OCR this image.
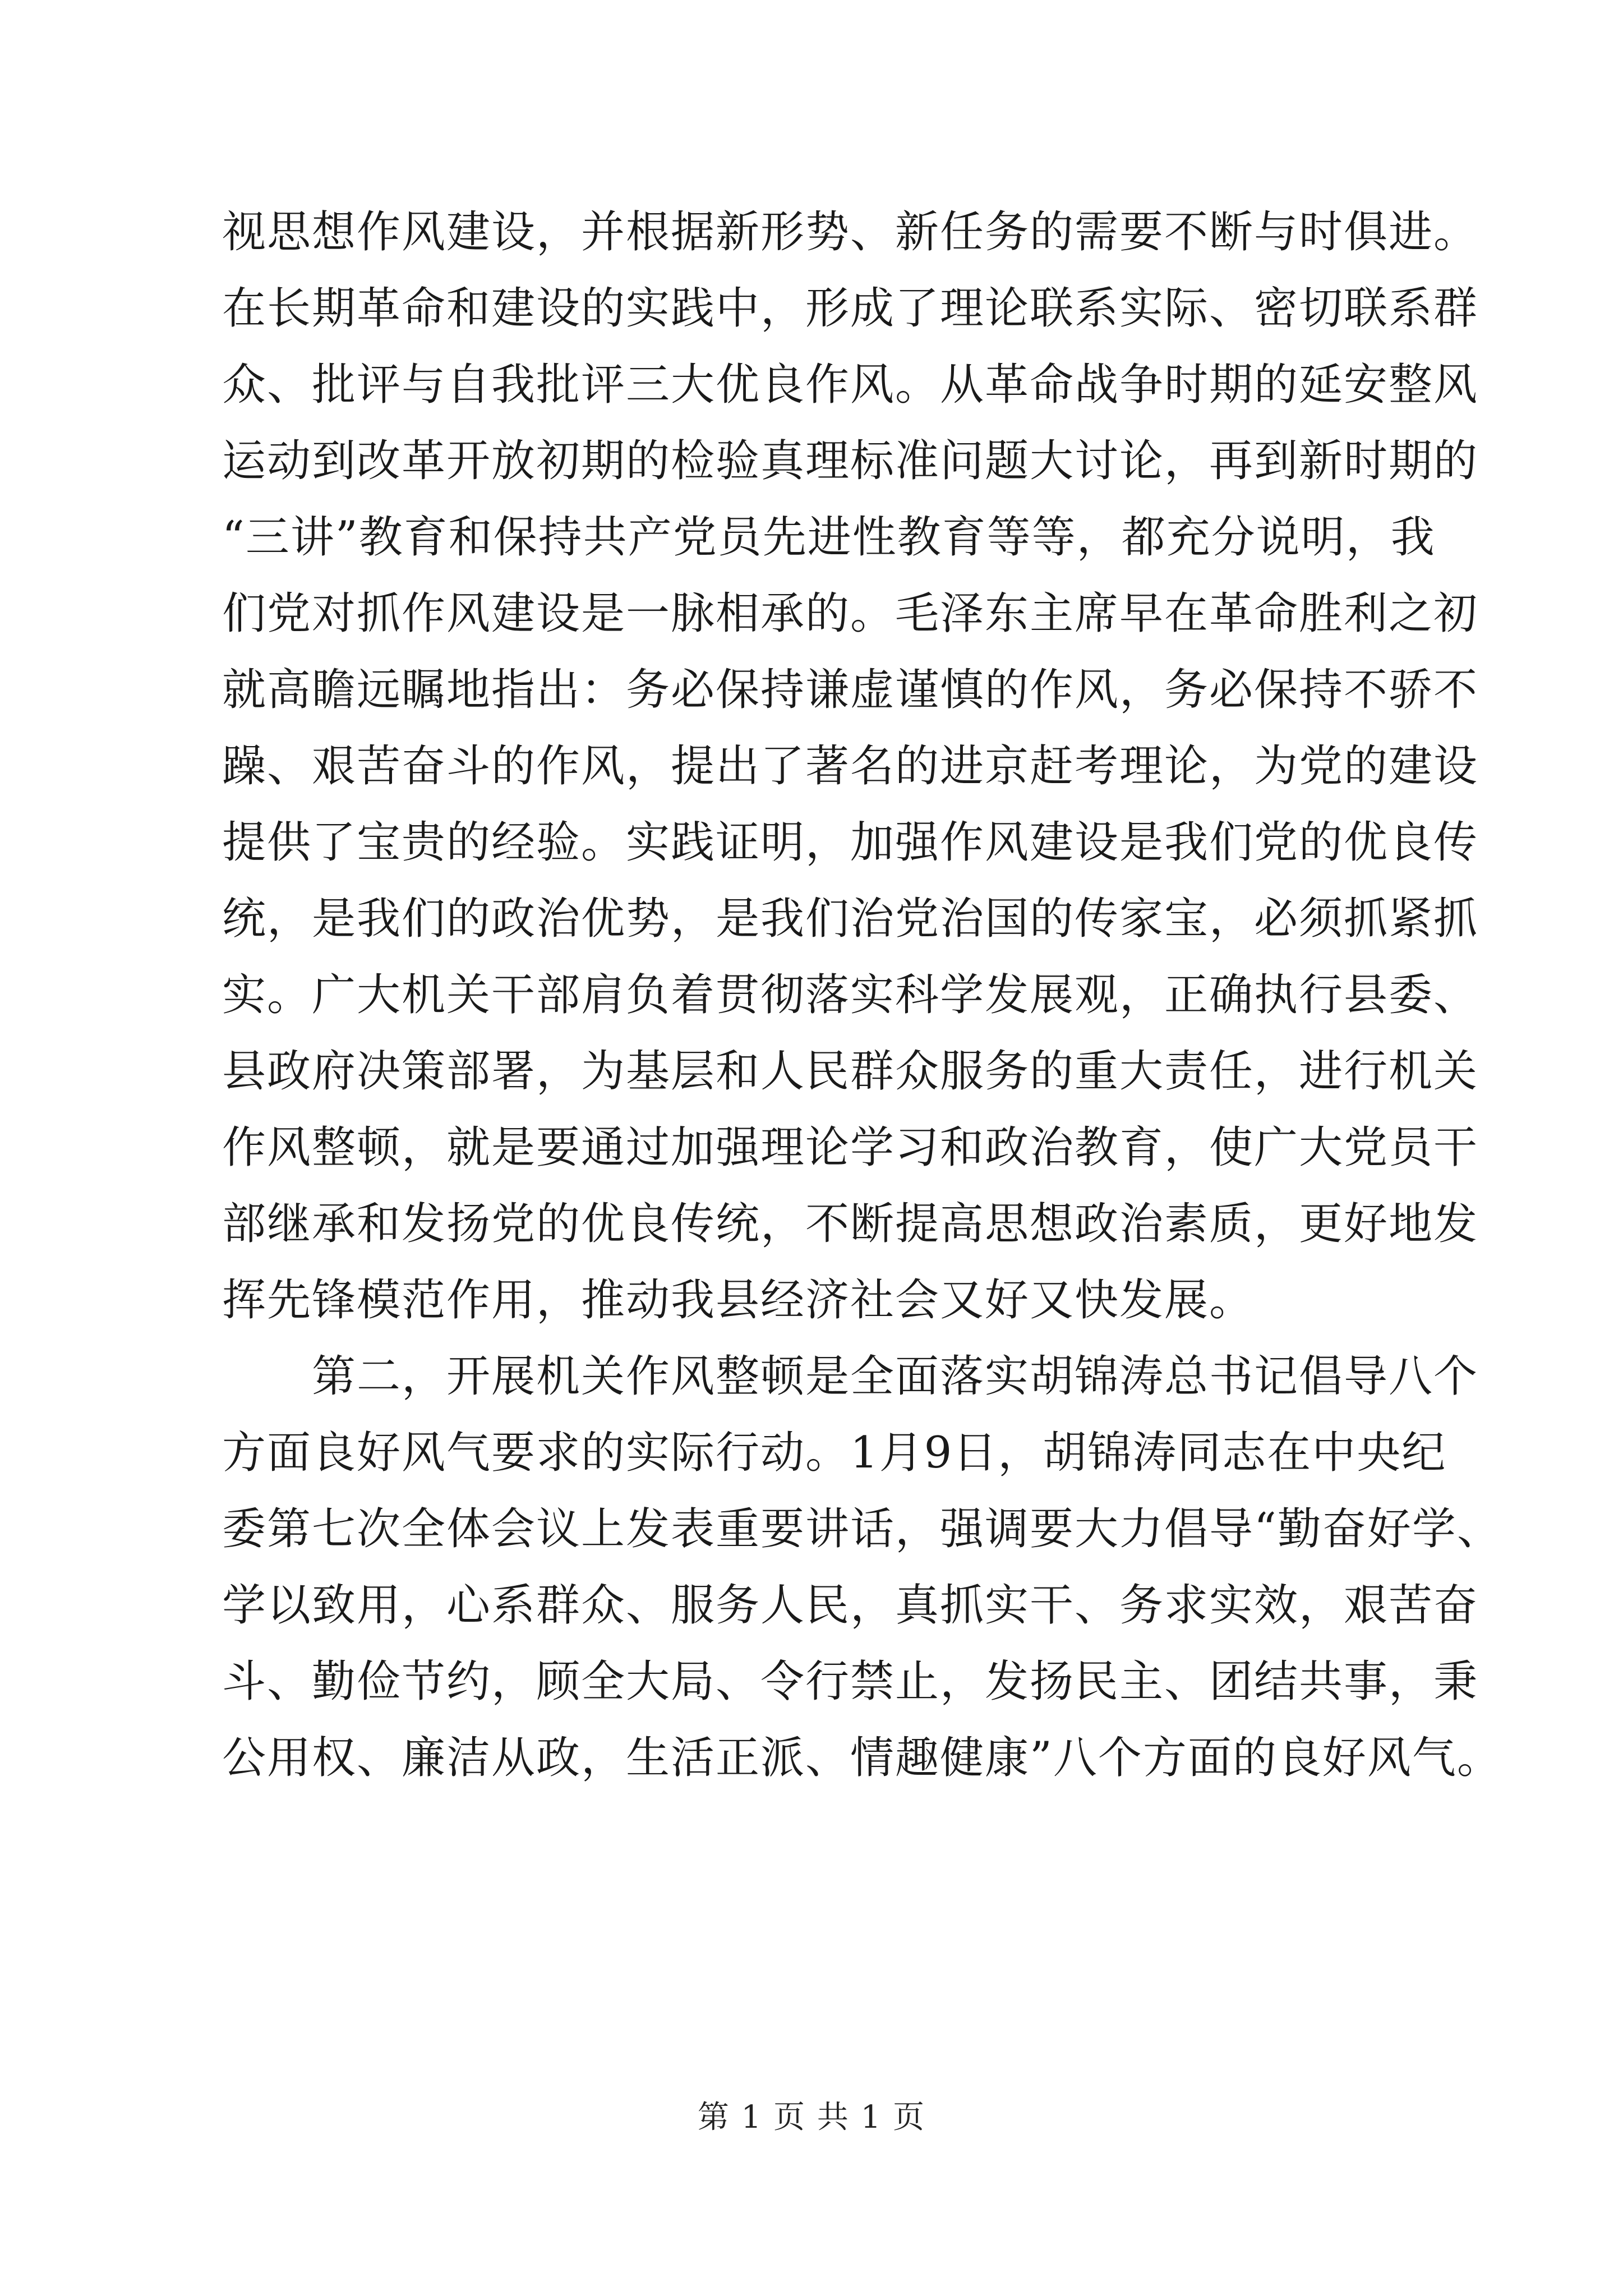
视思想作风建设，并根据新形势、新任务的需要不断与时俱进。
在长期革命和建设的实践中，形成了理论联系实际、密切联系群
众、批评与自我批评三大优良作风。从革命战争时期的延安整风
运动到改革开放初期的检验真理标准问题大讨论，再到新时期的
“三讲”教育和保持共产党员先进性教育等等，都充分说明，我
们党对抓作风建设是一脉相承的。毛泽东主席早在革命胜利之初
就高瞻远瞩地指出：务必保持谦虚谨慎的作风，务必保持不骄不
躁、艰苦奋斗的作风，提出了著名的进京赶考理论，为党的建设
提供了宝贵的经验。实践证明，加强作风建设是我们党的优良传
统，是我们的政治优势，是我们治党治国的传家宝，必须抓紧抓
实。广大机关干部肩负着贯彻落实科学发展观，正确执行县委、
县政府决策部署，为基层和人民群众服务的重大责任，进行机关
作风整顿，就是要通过加强理论学习和政治教育，使广大党员干
部继承和发扬党的优良传统，不断提高思想政治素质，更好地发
挥先锋模范作用，推动我县经济社会又好又快发展。
第二，开展机关作风整顿是全面落实胡锦涛总书记倡导八个
方面良好风气要求的实际行动。1月9日，胡锦涛同志在中央纪
委第七次全体会议上发表重要讲话，强调要大力倡导“勤奋好学、
学以致用，心系群众、服务人民，真抓实干、务求实效，艰苦奋
斗、勤俭节约，顾全大局、令行禁止，发扬民主、团结共事，秉
公用权、廉洁从政，生活正派、情趣健康”八个方面的良好风气。
第 1 页 共 1 页
